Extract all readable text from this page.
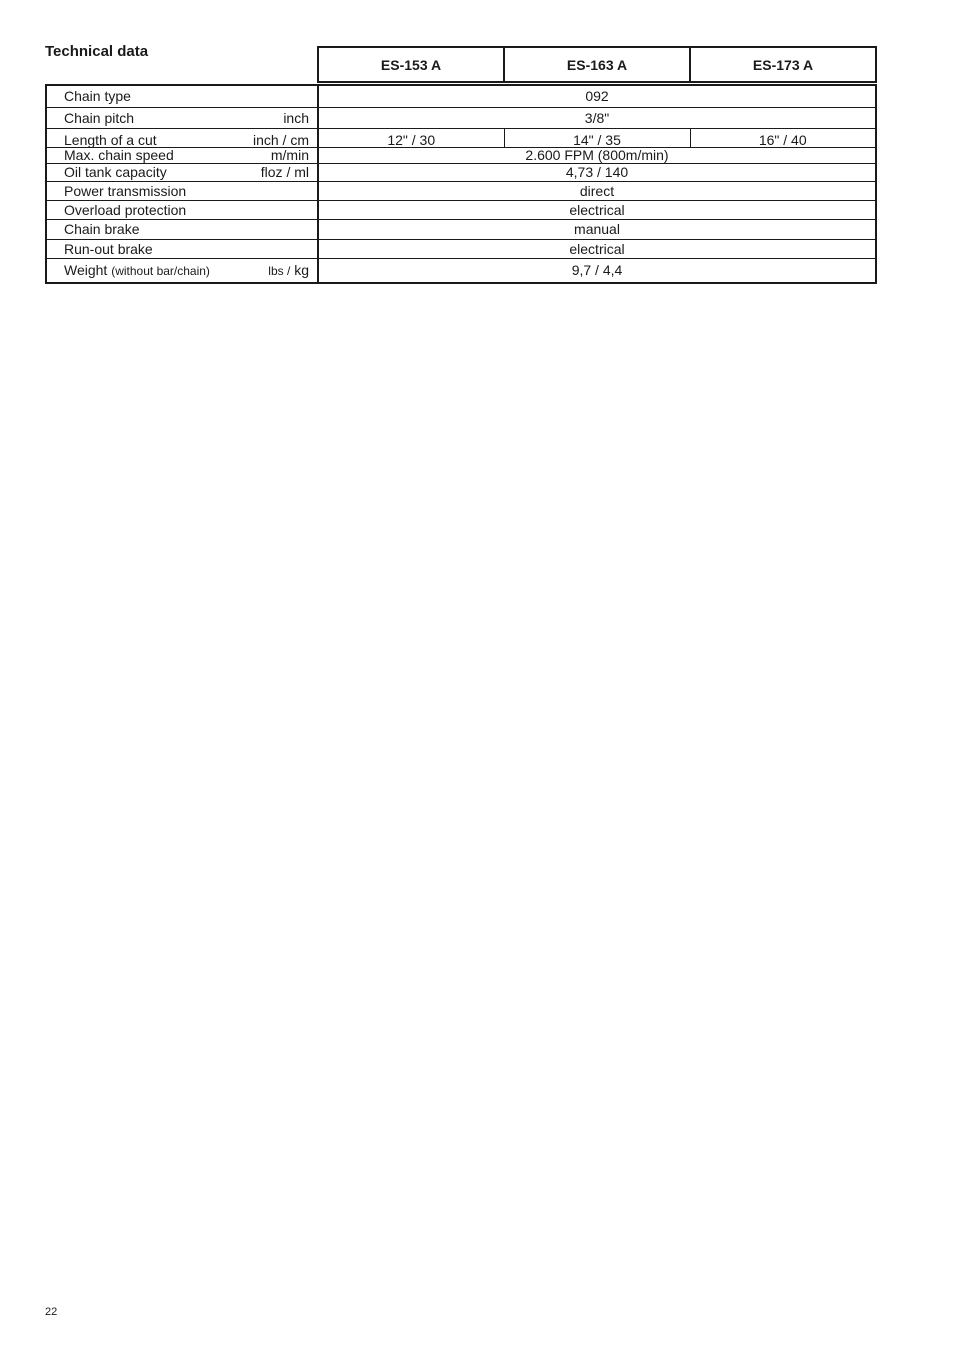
Technical data
	ES-153 A	ES-163 A	ES-173 A

Chain type	092		

Chain pitch inch	3/8"		

Length of a cut inch / cm	12" / 30	14" / 35	16" / 40

Max. chain speed m/min	2.600 FPM (800m/min)		

Oil tank capacity floz / ml	4,73 / 140		

Power transmission	direct		

Overload protection	electrical		

Chain brake	manual		

Run-out brake	electrical		

Weight (without bar/chain) lbs / kg	9,7 / 4,4		
22
